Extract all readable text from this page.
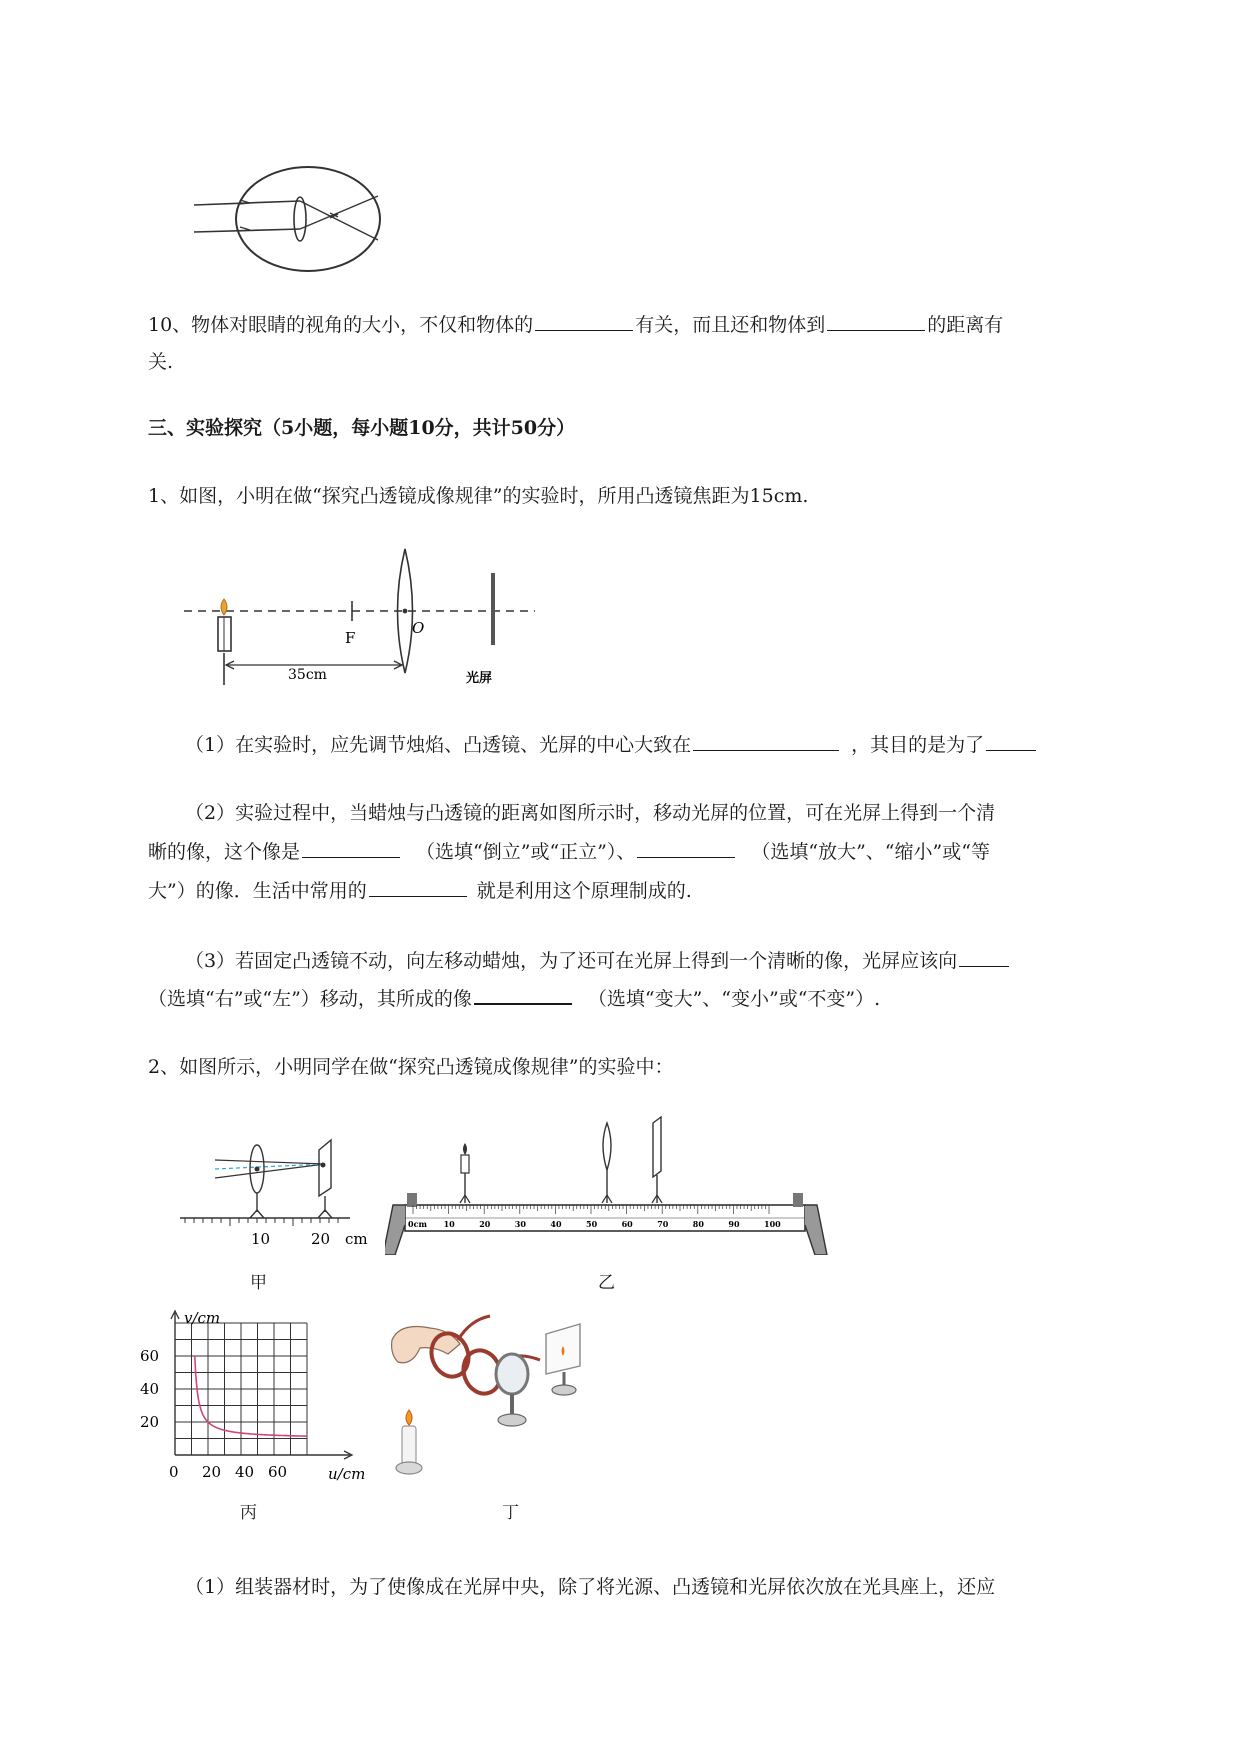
10、物体对眼睛的视角的大小，不仅和物体的	有关，而且还和物体到	的距离有
关.
三、实验探究（5小题，每小题10分，共计50分）
1、如图，小明在做“探究凸透镜成像规律”的实验时，所用凸透镜焦距为15cm.
F
O
光屏
35cm
（1）在实验时，应先调节烛焰、凸透镜、光屏的中心大致在	，其目的是为了
（2）实验过程中，当蜡烛与凸透镜的距离如图所示时，移动光屏的位置，可在光屏上得到一个清
晰的像，这个像是	（选填“倒立”或“正立”）、	（选填“放大”、“缩小”或“等
大”）的像．生活中常用的	就是利用这个原理制成的.
（3）若固定凸透镜不动，向左移动蜡烛，为了还可在光屏上得到一个清晰的像，光屏应该向
（选填“右”或“左”）移动，其所成的像	（选填“变大”、“变小”或“不变”）.
2、如图所示，小明同学在做“探究凸透镜成像规律”的实验中：
10	20 cm
甲
0cm 10	20	30	40	50	60	70	80	90	100
乙
v/cm
u/cm
60
40
20
0 20 40 60
丙	丁
（1）组装器材时，为了使像成在光屏中央，除了将光源、凸透镜和光屏依次放在光具座上，还应
